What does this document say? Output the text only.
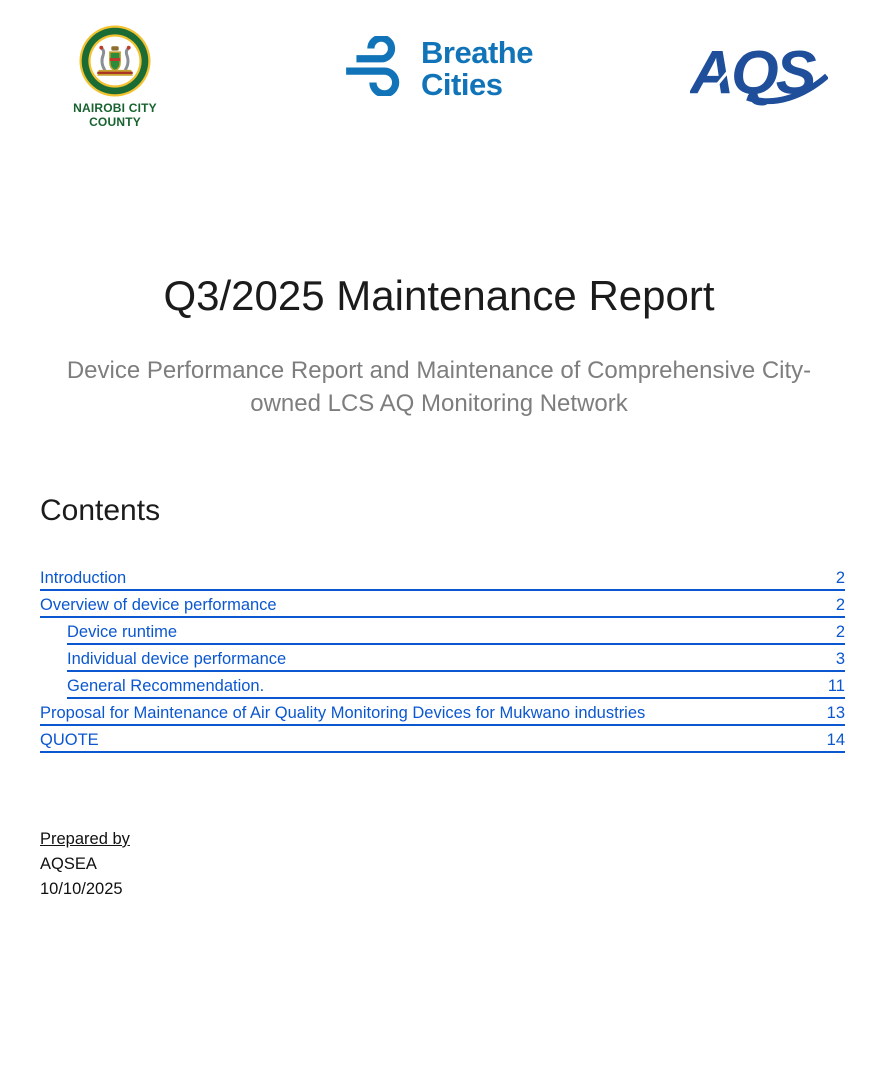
NAIROBI CITY
COUNTY
Breathe
Cities	AQS
Q3/2025 Maintenance Report

Device Performance Report and Maintenance of Comprehensive City-owned LCS AQ Monitoring Network

Contents
Introduction	2
Overview of device performance	2
Device runtime	2
Individual device performance	3
General Recommendation.	11
Proposal for Maintenance of Air Quality Monitoring Devices for Mukwano industries	13
QUOTE	14
Prepared by
AQSEA
10/10/2025
